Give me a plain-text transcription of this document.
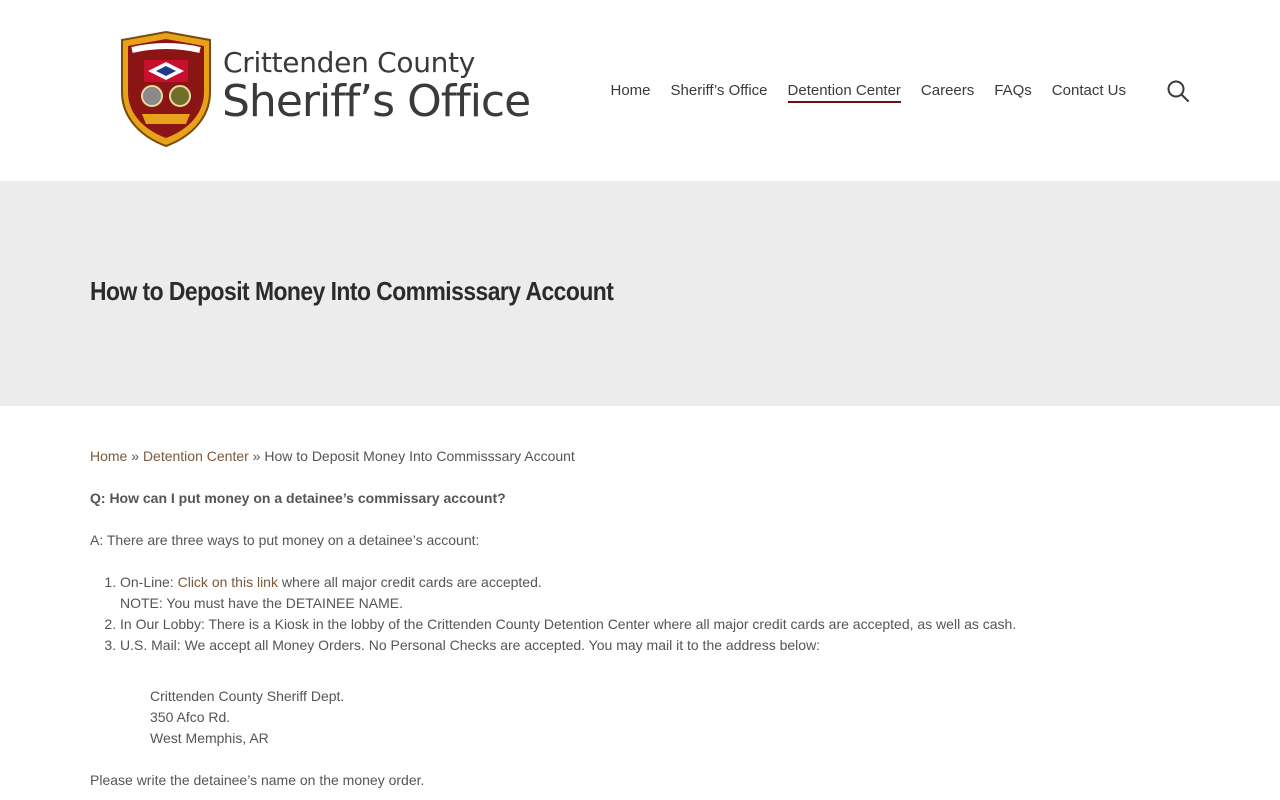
Crittenden County
Sheriff’s Office	Home Sheriff’s Office Detention Center Careers FAQs Contact Us
How to Deposit Money Into Commisssary Account
Home » Detention Center » How to Deposit Money Into Commisssary Account

Q: How can I put money on a detainee’s commissary account?

A: There are three ways to put money on a detainee’s account:

1. On-Line: Click on this link where all major credit cards are accepted.
NOTE: You must have the DETAINEE NAME.
2. In Our Lobby: There is a Kiosk in the lobby of the Crittenden County Detention Center where all major credit cards are accepted, as well as cash.
3. U.S. Mail: We accept all Money Orders. No Personal Checks are accepted. You may mail it to the address below:
Crittenden County Sheriff Dept.
350 Afco Rd.
West Memphis, AR

Please write the detainee’s name on the money order.
